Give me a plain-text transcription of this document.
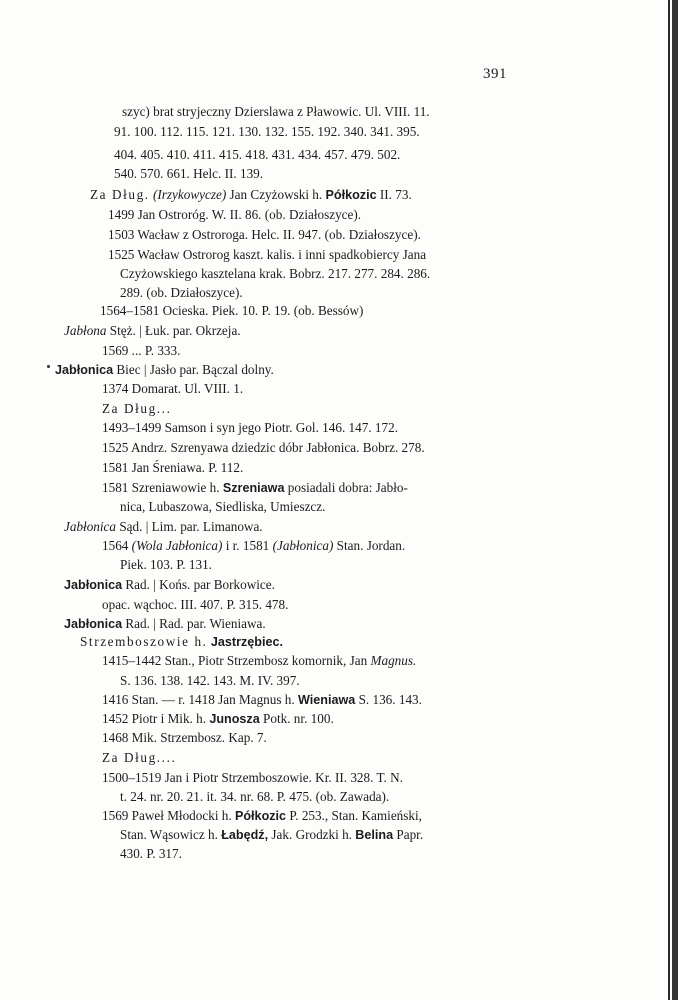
391
szyc) brat stryjeczny Dzierslawa z Pławowic. Ul. VIII. 11.
91. 100. 112. 115. 121. 130. 132. 155. 192. 340. 341. 395.
404. 405. 410. 411. 415. 418. 431. 434. 457. 479. 502.
540. 570. 661. Helc. II. 139.
Za Dług. (Irzykowycze) Jan Czyżowski h. Półkozic II. 73.
1499 Jan Ostroróg. W. II. 86. (ob. Działoszyce).
1503 Wacław z Ostroroga. Helc. II. 947. (ob. Działoszyce).
1525 Wacław Ostrorog kaszt. kalis. i inni spadkobiercy Jana
Czyżowskiego kasztelana krak. Bobrz. 217. 277. 284. 286.
289. (ob. Działoszyce).
1564–1581 Ocieska. Piek. 10. P. 19. (ob. Bessów)
Jabłona Stęż. | Łuk. par. Okrzeja.
1569 ... P. 333.
Jabłonica Biec | Jasło par. Bączal dolny.
1374 Domarat. Ul. VIII. 1.
Za Dług...
1493–1499 Samson i syn jego Piotr. Gol. 146. 147. 172.
1525 Andrz. Szrenyawa dziedzic dóbr Jabłonica. Bobrz. 278.
1581 Jan Śreniawa. P. 112.
1581 Szreniawowie h. Szreniawa posiadali dobra: Jabło-
nica, Lubaszowa, Siedliska, Umieszcz.
Jabłonica Sąd. | Lim. par. Limanowa.
1564 (Wola Jabłonica) i r. 1581 (Jabłonica) Stan. Jordan.
Piek. 103. P. 131.
Jabłonica Rad. | Końs. par Borkowice.
opac. wąchoc. III. 407. P. 315. 478.
Jabłonica Rad. | Rad. par. Wieniawa.
Strzemboszowie h. Jastrzębiec.
1415–1442 Stan., Piotr Strzembosz komornik, Jan Magnus.
S. 136. 138. 142. 143. M. IV. 397.
1416 Stan. — r. 1418 Jan Magnus h. Wieniawa S. 136. 143.
1452 Piotr i Mik. h. Junosza Potk. nr. 100.
1468 Mik. Strzembosz. Kap. 7.
Za Dług....
1500–1519 Jan i Piotr Strzemboszowie. Kr. II. 328. T. N.
t. 24. nr. 20. 21. it. 34. nr. 68. P. 475. (ob. Zawada).
1569 Paweł Młodocki h. Półkozic P. 253., Stan. Kamieński,
Stan. Wąsowicz h. Łabędź, Jak. Grodzki h. Belina Papr.
430. P. 317.
